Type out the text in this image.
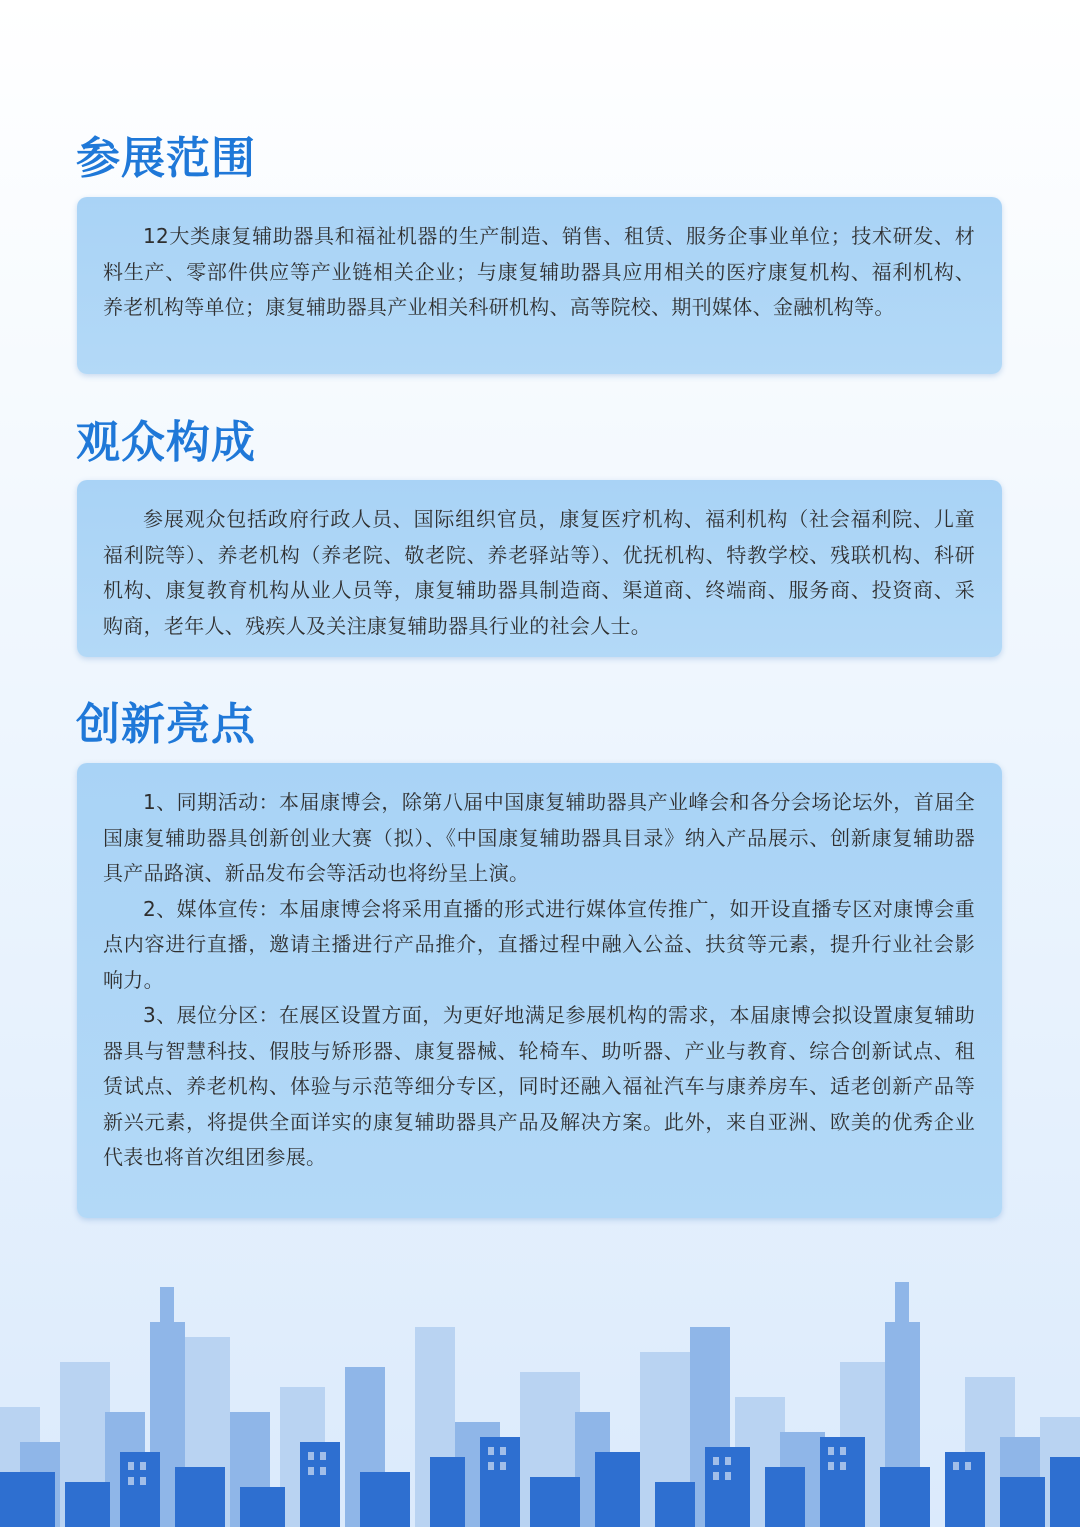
参展范围

12大类康复辅助器具和福祉机器的生产制造、销售、租赁、服务企事业单位；技术研发、材料生产、零部件供应等产业链相关企业；与康复辅助器具应用相关的医疗康复机构、福利机构、养老机构等单位；康复辅助器具产业相关科研机构、高等院校、期刊媒体、金融机构等。

观众构成

参展观众包括政府行政人员、国际组织官员，康复医疗机构、福利机构（社会福利院、儿童福利院等）、养老机构（养老院、敬老院、养老驿站等）、优抚机构、特教学校、残联机构、科研机构、康复教育机构从业人员等，康复辅助器具制造商、渠道商、终端商、服务商、投资商、采购商，老年人、残疾人及关注康复辅助器具行业的社会人士。

创新亮点

1、同期活动：本届康博会，除第八届中国康复辅助器具产业峰会和各分会场论坛外，首届全国康复辅助器具创新创业大赛（拟）、《中国康复辅助器具目录》纳入产品展示、创新康复辅助器具产品路演、新品发布会等活动也将纷呈上演。

2、媒体宣传：本届康博会将采用直播的形式进行媒体宣传推广，如开设直播专区对康博会重点内容进行直播，邀请主播进行产品推介，直播过程中融入公益、扶贫等元素，提升行业社会影响力。

3、展位分区：在展区设置方面，为更好地满足参展机构的需求，本届康博会拟设置康复辅助器具与智慧科技、假肢与矫形器、康复器械、轮椅车、助听器、产业与教育、综合创新试点、租赁试点、养老机构、体验与示范等细分专区，同时还融入福祉汽车与康养房车、适老创新产品等新兴元素，将提供全面详实的康复辅助器具产品及解决方案。此外，来自亚洲、欧美的优秀企业代表也将首次组团参展。
